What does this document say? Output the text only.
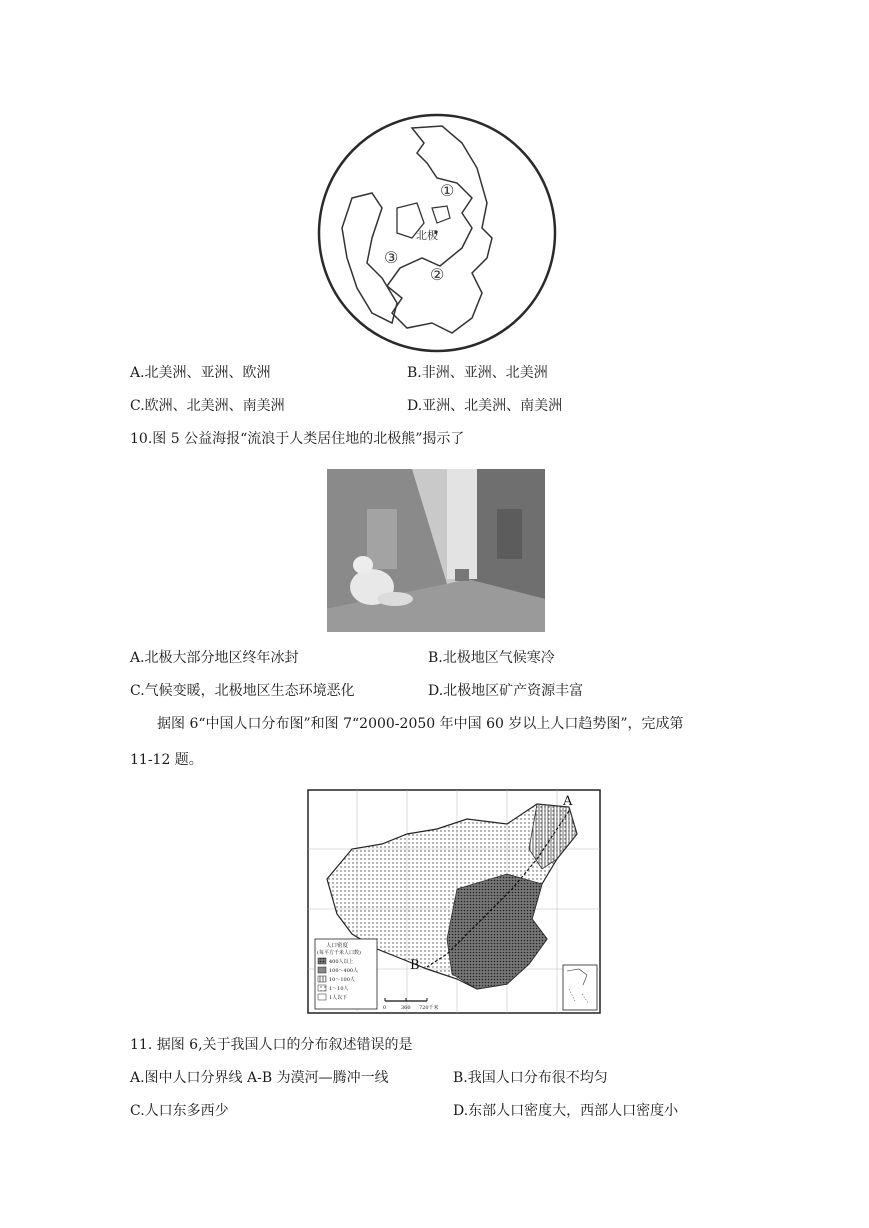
北极
①
②
③
A.北美洲、亚洲、欧洲	B.非洲、亚洲、北美洲
C.欧洲、北美洲、南美洲	D.亚洲、北美洲、南美洲
10.图 5 公益海报“流浪于人类居住地的北极熊”揭示了
A.北极大部分地区终年冰封	B.北极地区气候寒冷
C.气候变暖，北极地区生态环境恶化	D.北极地区矿产资源丰富
据图 6“中国人口分布图”和图 7“2000-2050 年中国 60 岁以上人口趋势图”，完成第
11-12 题。
A
B
人口密度
(每平方千米人口数)
400人以上
100～400人
10～100人
1～10人
1人以下
0	360 720千米
11. 据图 6,关于我国人口的分布叙述错误的是
A.图中人口分界线 A-B 为漠河—腾冲一线	B.我国人口分布很不均匀
C.人口东多西少	D.东部人口密度大，西部人口密度小
